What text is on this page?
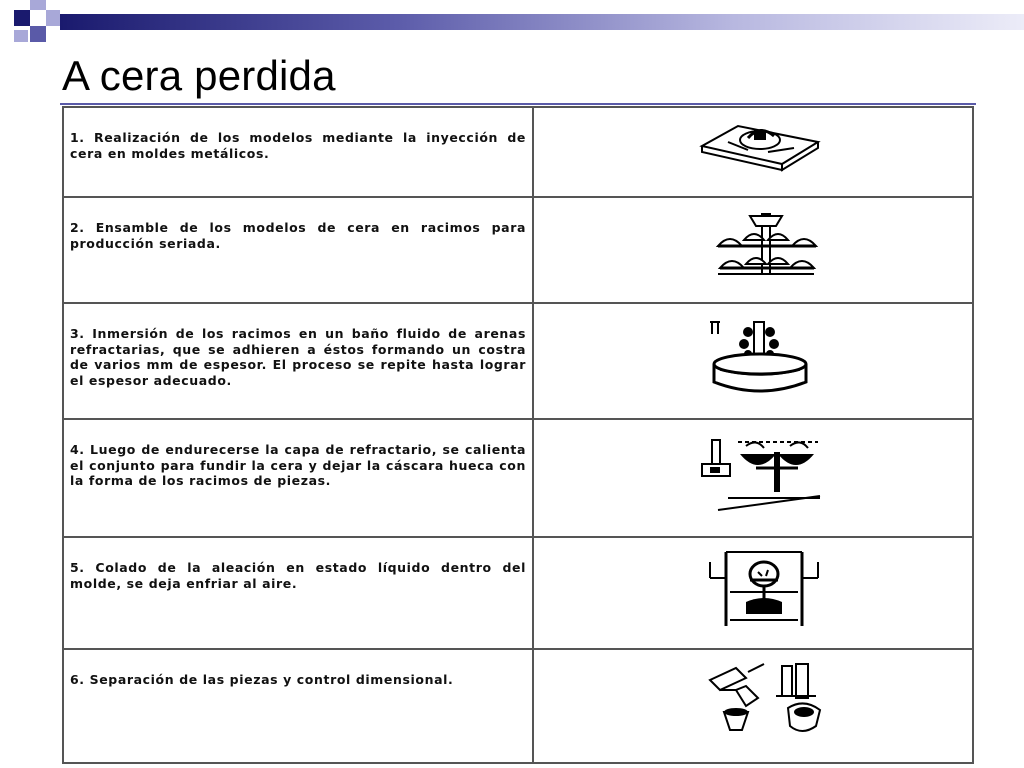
A cera perdida
1. Realización de los modelos mediante la inyección de cera en moldes metálicos.	

2. Ensamble de los modelos de cera en racimos para producción seriada.	

3. Inmersión de los racimos en un baño fluido de arenas refractarias, que se adhieren a éstos formando un costra de varios mm de espesor. El proceso se repite hasta lograr el espesor adecuado.	

4. Luego de endurecerse la capa de refractario, se calienta el conjunto para fundir la cera y dejar la cáscara hueca con la forma de los racimos de piezas.	

5. Colado de la aleación en estado líquido dentro del molde, se deja enfriar al aire.	

6. Separación de las piezas y control dimensional.	
